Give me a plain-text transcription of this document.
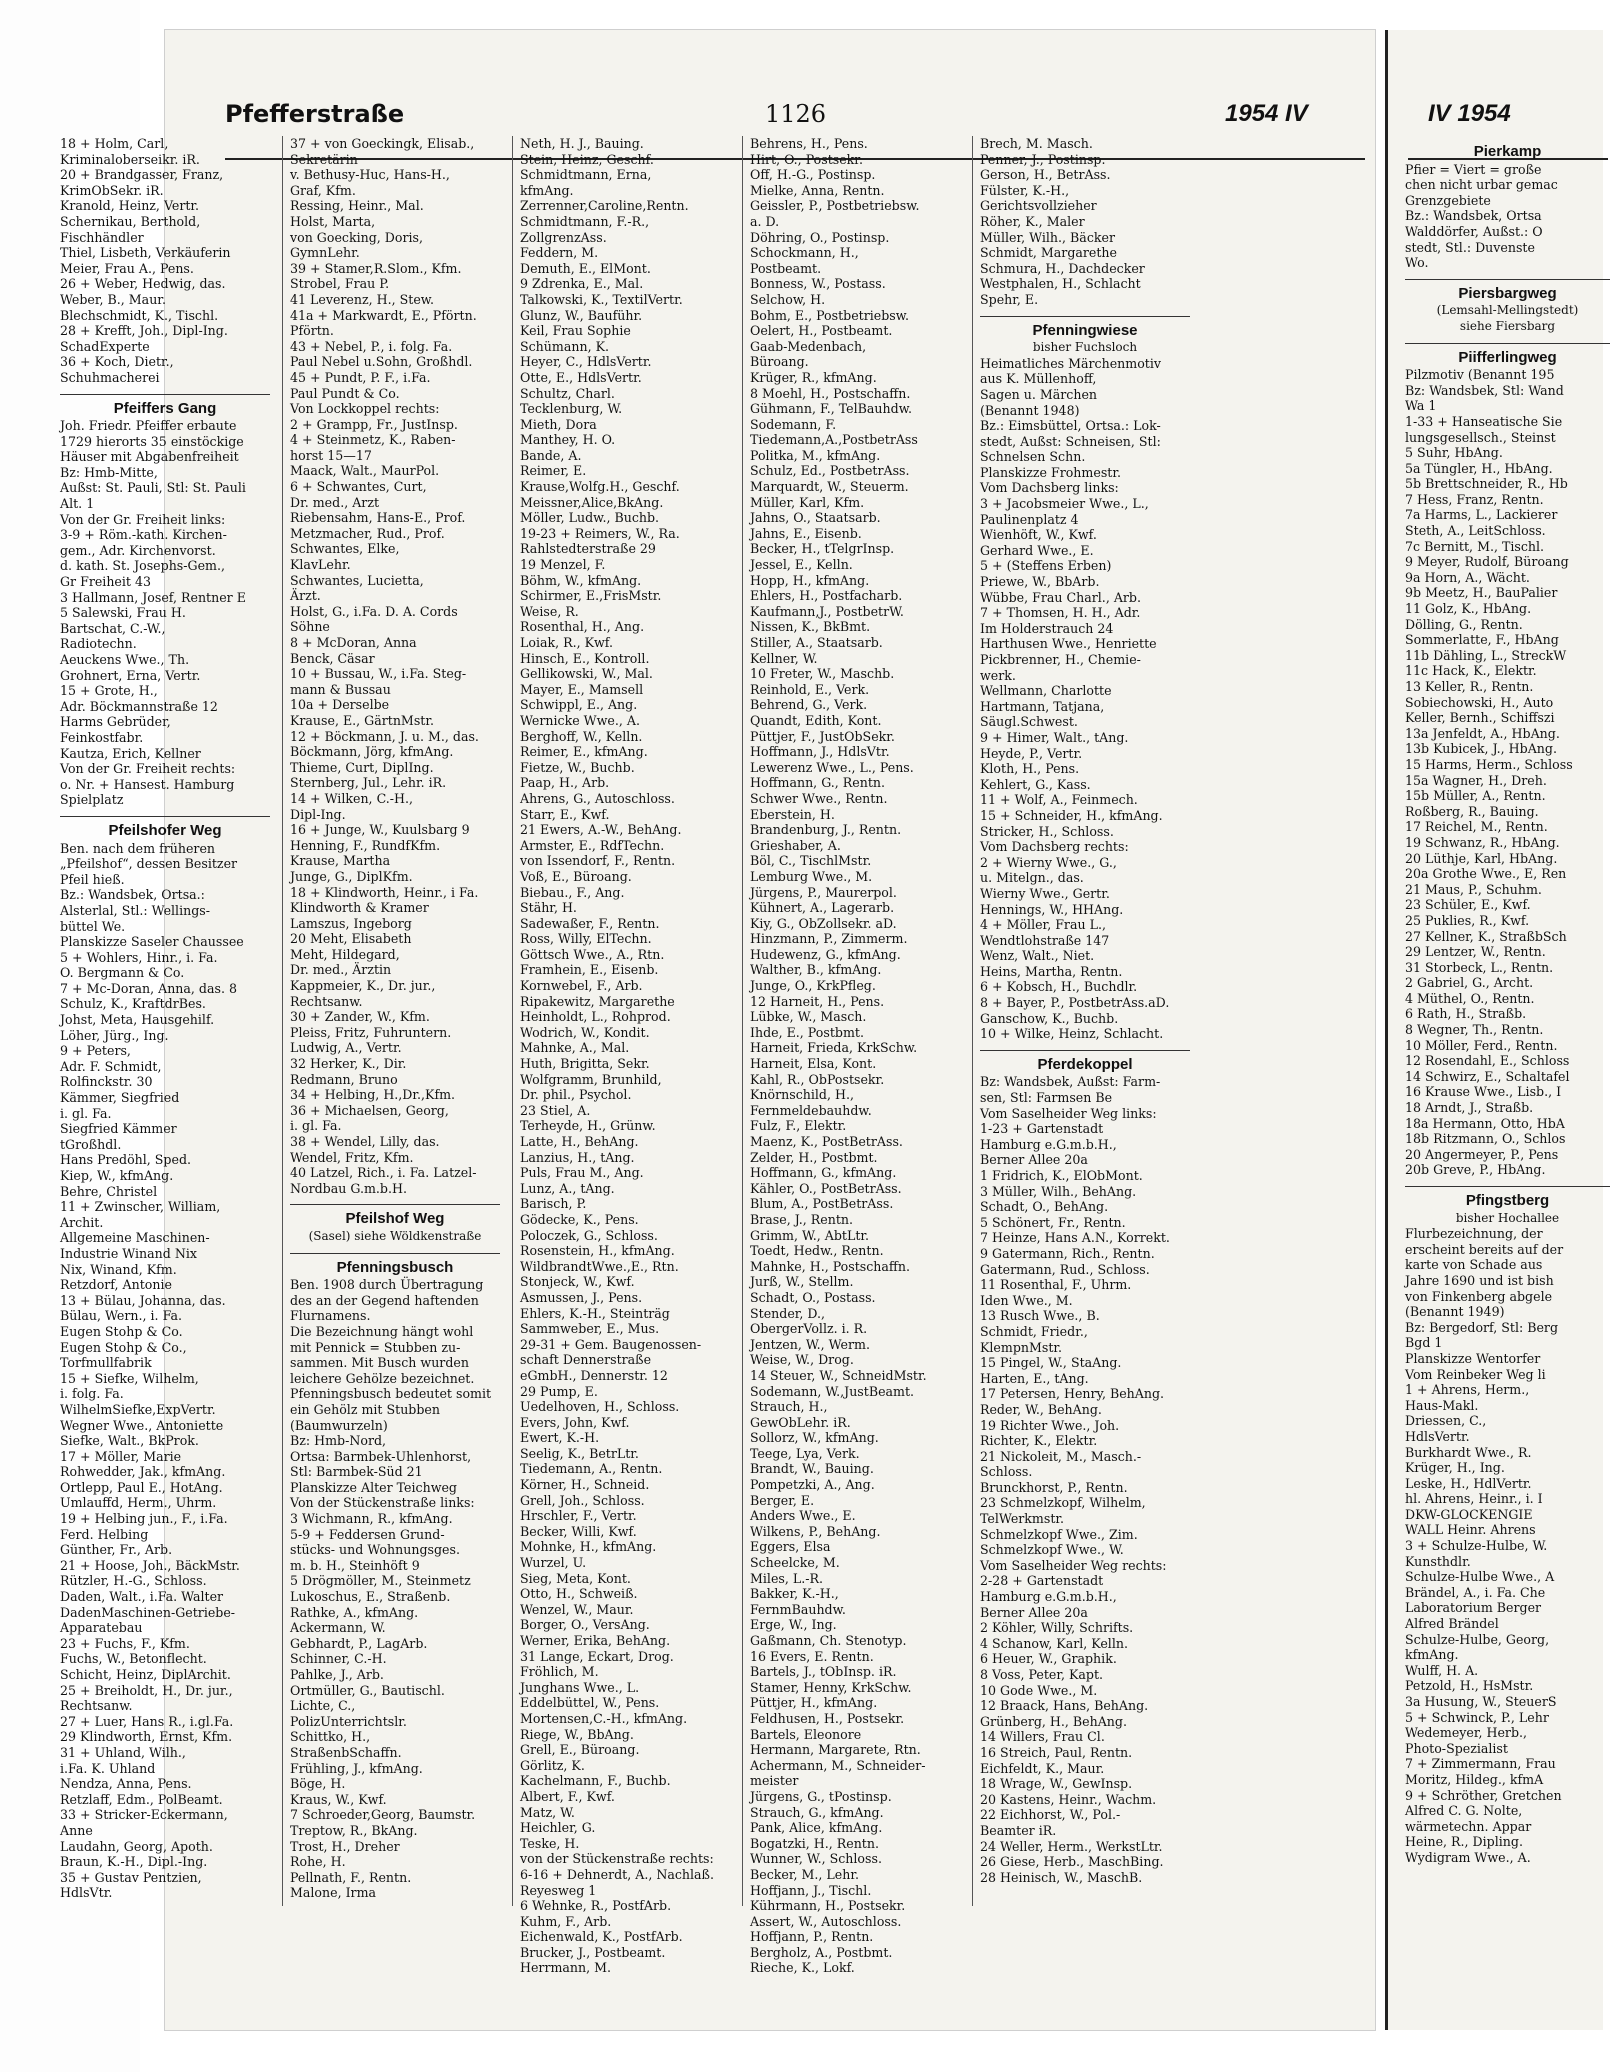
Pfefferstraße	1126	1954 IV	IV 1954
18 + Holm, Carl,
Kriminaloberseikr. iR.
20 + Brandgasser, Franz,
KrimObSekr. iR.
Kranold, Heinz, Vertr.
Schernikau, Berthold,
Fischhändler
Thiel, Lisbeth, Verkäuferin
Meier, Frau A., Pens.
26 + Weber, Hedwig, das.
Weber, B., Maur.
Blechschmidt, K., Tischl.
28 + Krefft, Joh., Dipl-Ing.
SchadExperte
36 + Koch, Dietr.,
Schuhmacherei
Pfeiffers Gang
Joh. Friedr. Pfeiffer erbaute
1729 hierorts 35 einstöckige
Häuser mit Abgabenfreiheit
Bz: Hmb-Mitte,
Außst: St. Pauli, Stl: St. Pauli
Alt. 1
Von der Gr. Freiheit links:
3-9 + Röm.-kath. Kirchen-
gem., Adr. Kirchenvorst.
d. kath. St. Josephs-Gem.,
Gr Freiheit 43
3 Hallmann, Josef, Rentner E
5 Salewski, Frau H.
Bartschat, C.-W.,
Radiotechn.
Aeuckens Wwe., Th.
Grohnert, Erna, Vertr.
15 + Grote, H.,
Adr. Böckmannstraße 12
Harms Gebrüder,
Feinkostfabr.
Kautza, Erich, Kellner
Von der Gr. Freiheit rechts:
o. Nr. + Hansest. Hamburg
Spielplatz
Pfeilshofer Weg
Ben. nach dem früheren
„Pfeilshof“, dessen Besitzer
Pfeil hieß.
Bz.: Wandsbek, Ortsa.:
Alsterlal, Stl.: Wellings-
büttel We.
Planskizze Saseler Chaussee
5 + Wohlers, Hinr., i. Fa.
O. Bergmann & Co.
7 + Mc-Doran, Anna, das. 8
Schulz, K., KraftdrBes.
Johst, Meta, Hausgehilf.
Löher, Jürg., Ing.
9 + Peters,
Adr. F. Schmidt,
Rolfinckstr. 30
Kämmer, Siegfried
i. gl. Fa.
Siegfried Kämmer
tGroßhdl.
Hans Predöhl, Sped.
Kiep, W., kfmAng.
Behre, Christel
11 + Zwinscher, William,
Archit.
Allgemeine Maschinen-
Industrie Winand Nix
Nix, Winand, Kfm.
Retzdorf, Antonie
13 + Bülau, Johanna, das.
Bülau, Wern., i. Fa.
Eugen Stohp & Co.
Eugen Stohp & Co.,
Torfmullfabrik
15 + Siefke, Wilhelm,
i. folg. Fa.
WilhelmSiefke,ExpVertr.
Wegner Wwe., Antoniette
Siefke, Walt., BkProk.
17 + Möller, Marie
Rohwedder, Jak., kfmAng.
Ortlepp, Paul E., HotAng.
Umlauffd, Herm., Uhrm.
19 + Helbing jun., F., i.Fa.
Ferd. Helbing
Günther, Fr., Arb.
21 + Hoose, Joh., BäckMstr.
Rützler, H.-G., Schloss.
Daden, Walt., i.Fa. Walter
DadenMaschinen-Getriebe-
Apparatebau
23 + Fuchs, F., Kfm.
Fuchs, W., Betonflecht.
Schicht, Heinz, DiplArchit.
25 + Breiholdt, H., Dr. jur.,
Rechtsanw.
27 + Luer, Hans R., i.gl.Fa.
29 Klindworth, Ernst, Kfm.
31 + Uhland, Wilh.,
i.Fa. K. Uhland
Nendza, Anna, Pens.
Retzlaff, Edm., PolBeamt.
33 + Stricker-Eckermann,
Anne
Laudahn, Georg, Apoth.
Braun, K.-H., Dipl.-Ing.
35 + Gustav Pentzien,
HdlsVtr.
37 + von Goeckingk, Elisab.,
Sekretärin
v. Bethusy-Huc, Hans-H.,
Graf, Kfm.
Ressing, Heinr., Mal.
Holst, Marta,
von Goecking, Doris,
GymnLehr.
39 + Stamer,R.Slom., Kfm.
Strobel, Frau P.
41 Leverenz, H., Stew.
41a + Markwardt, E., Pförtn.
Pförtn.
43 + Nebel, P., i. folg. Fa.
Paul Nebel u.Sohn, Großhdl.
45 + Pundt, P. F., i.Fa.
Paul Pundt & Co.
Von Lockkoppel rechts:
2 + Grampp, Fr., JustInsp.
4 + Steinmetz, K., Raben-
horst 15—17
Maack, Walt., MaurPol.
6 + Schwantes, Curt,
Dr. med., Arzt
Riebensahm, Hans-E., Prof.
Metzmacher, Rud., Prof.
Schwantes, Elke,
KlavLehr.
Schwantes, Lucietta,
Ärzt.
Holst, G., i.Fa. D. A. Cords
Söhne
8 + McDoran, Anna
Benck, Cäsar
10 + Bussau, W., i.Fa. Steg-
mann & Bussau
10a + Derselbe
Krause, E., GärtnMstr.
12 + Böckmann, J. u. M., das.
Böckmann, Jörg, kfmAng.
Thieme, Curt, DiplIng.
Sternberg, Jul., Lehr. iR.
14 + Wilken, C.-H.,
Dipl-Ing.
16 + Junge, W., Kuulsbarg 9
Henning, F., RundfKfm.
Krause, Martha
Junge, G., DiplKfm.
18 + Klindworth, Heinr., i Fa.
Klindworth & Kramer
Lamszus, Ingeborg
20 Meht, Elisabeth
Meht, Hildegard,
Dr. med., Ärztin
Kappmeier, K., Dr. jur.,
Rechtsanw.
30 + Zander, W., Kfm.
Pleiss, Fritz, Fuhruntern.
Ludwig, A., Vertr.
32 Herker, K., Dir.
Redmann, Bruno
34 + Helbing, H.,Dr.,Kfm.
36 + Michaelsen, Georg,
i. gl. Fa.
38 + Wendel, Lilly, das.
Wendel, Fritz, Kfm.
40 Latzel, Rich., i. Fa. Latzel-
Nordbau G.m.b.H.
Pfeilshof Weg
(Sasel) siehe Wöldkenstraße
Pfenningsbusch
Ben. 1908 durch Übertragung
des an der Gegend haftenden
Flurnamens.
Die Bezeichnung hängt wohl
mit Pennick = Stubben zu-
sammen. Mit Busch wurden
leichere Gehölze bezeichnet.
Pfenningsbusch bedeutet somit
ein Gehölz mit Stubben
(Baumwurzeln)
Bz: Hmb-Nord,
Ortsa: Barmbek-Uhlenhorst,
Stl: Barmbek-Süd 21
Planskizze Alter Teichweg
Von der Stückenstraße links:
3 Wichmann, R., kfmAng.
5-9 + Feddersen Grund-
stücks- und Wohnungsges.
m. b. H., Steinhöft 9
5 Drögmöller, M., Steinmetz
Lukoschus, E., Straßenb.
Rathke, A., kfmAng.
Ackermann, W.
Gebhardt, P., LagArb.
Schinner, C.-H.
Pahlke, J., Arb.
Ortmüller, G., Bautischl.
Lichte, C.,
PolizUnterrichtslr.
Schittko, H.,
StraßenbSchaffn.
Frühling, J., kfmAng.
Böge, H.
Kraus, W., Kwf.
7 Schroeder,Georg, Baumstr.
Treptow, R., BkAng.
Trost, H., Dreher
Rohe, H.
Pellnath, F., Rentn.
Malone, Irma
Neth, H. J., Bauing.
Stein, Heinz, Geschf.
Schmidtmann, Erna,
kfmAng.
Zerrenner,Caroline,Rentn.
Schmidtmann, F.-R.,
ZollgrenzAss.
Feddern, M.
Demuth, E., ElMont.
9 Zdrenka, E., Mal.
Talkowski, K., TextilVertr.
Glunz, W., Bauführ.
Keil, Frau Sophie
Schümann, K.
Heyer, C., HdlsVertr.
Otte, E., HdlsVertr.
Schultz, Charl.
Tecklenburg, W.
Mieth, Dora
Manthey, H. O.
Bande, A.
Reimer, E.
Krause,Wolfg.H., Geschf.
Meissner,Alice,BkAng.
Möller, Ludw., Buchb.
19-23 + Reimers, W., Ra.
Rahlstedterstraße 29
19 Menzel, F.
Böhm, W., kfmAng.
Schirmer, E.,FrisMstr.
Weise, R.
Rosenthal, H., Ang.
Loiak, R., Kwf.
Hinsch, E., Kontroll.
Gellikowski, W., Mal.
Mayer, E., Mamsell
Schwippl, E., Ang.
Wernicke Wwe., A.
Berghoff, W., Kelln.
Reimer, E., kfmAng.
Fietze, W., Buchb.
Paap, H., Arb.
Ahrens, G., Autoschloss.
Starr, E., Kwf.
21 Ewers, A.-W., BehAng.
Armster, E., RdfTechn.
von Issendorf, F., Rentn.
Voß, E., Büroang.
Biebau., F., Ang.
Stähr, H.
Sadewaßer, F., Rentn.
Ross, Willy, ElTechn.
Göttsch Wwe., A., Rtn.
Framhein, E., Eisenb.
Kornwebel, F., Arb.
Ripakewitz, Margarethe
Heinholdt, L., Rohprod.
Wodrich, W., Kondit.
Mahnke, A., Mal.
Huth, Brigitta, Sekr.
Wolfgramm, Brunhild,
Dr. phil., Psychol.
23 Stiel, A.
Terheyde, H., Grünw.
Latte, H., BehAng.
Lanzius, H., tAng.
Puls, Frau M., Ang.
Lunz, A., tAng.
Barisch, P.
Gödecke, K., Pens.
Poloczek, G., Schloss.
Rosenstein, H., kfmAng.
WildbrandtWwe.,E., Rtn.
Stonjeck, W., Kwf.
Asmussen, J., Pens.
Ehlers, K.-H., Steinträg
Sammweber, E., Mus.
29-31 + Gem. Baugenossen-
schaft Dennerstraße
eGmbH., Dennerstr. 12
29 Pump, E.
Uedelhoven, H., Schloss.
Evers, John, Kwf.
Ewert, K.-H.
Seelig, K., BetrLtr.
Tiedemann, A., Rentn.
Körner, H., Schneid.
Grell, Joh., Schloss.
Hrschler, F., Vertr.
Becker, Willi, Kwf.
Mohnke, H., kfmAng.
Wurzel, U.
Sieg, Meta, Kont.
Otto, H., Schweiß.
Wenzel, W., Maur.
Borger, O., VersAng.
Werner, Erika, BehAng.
31 Lange, Eckart, Drog.
Fröhlich, M.
Junghans Wwe., L.
Eddelbüttel, W., Pens.
Mortensen,C.-H., kfmAng.
Riege, W., BbAng.
Grell, E., Büroang.
Görlitz, K.
Kachelmann, F., Buchb.
Albert, F., Kwf.
Matz, W.
Heichler, G.
Teske, H.
von der Stückenstraße rechts:
6-16 + Dehnerdt, A., Nachlaß.
Reyesweg 1
6 Wehnke, R., PostfArb.
Kuhm, F., Arb.
Eichenwald, K., PostfArb.
Brucker, J., Postbeamt.
Herrmann, M.
Behrens, H., Pens.
Hirt, O., Postsekr.
Off, H.-G., Postinsp.
Mielke, Anna, Rentn.
Geissler, P., Postbetriebsw.
a. D.
Döhring, O., Postinsp.
Schockmann, H.,
Postbeamt.
Bonness, W., Postass.
Selchow, H.
Bohm, E., Postbetriebsw.
Oelert, H., Postbeamt.
Gaab-Medenbach,
Büroang.
Krüger, R., kfmAng.
8 Moehl, H., Postschaffn.
Gühmann, F., TelBauhdw.
Sodemann, F.
Tiedemann,A.,PostbetrAss
Politka, M., kfmAng.
Schulz, Ed., PostbetrAss.
Marquardt, W., Steuerm.
Müller, Karl, Kfm.
Jahns, O., Staatsarb.
Jahns, E., Eisenb.
Becker, H., tTelgrInsp.
Jessel, E., Kelln.
Hopp, H., kfmAng.
Ehlers, H., Postfacharb.
Kaufmann,J., PostbetrW.
Nissen, K., BkBmt.
Stiller, A., Staatsarb.
Kellner, W.
10 Freter, W., Maschb.
Reinhold, E., Verk.
Behrend, G., Verk.
Quandt, Edith, Kont.
Püttjer, F., JustObSekr.
Hoffmann, J., HdlsVtr.
Lewerenz Wwe., L., Pens.
Hoffmann, G., Rentn.
Schwer Wwe., Rentn.
Eberstein, H.
Brandenburg, J., Rentn.
Grieshaber, A.
Böl, C., TischlMstr.
Lemburg Wwe., M.
Jürgens, P., Maurerpol.
Kühnert, A., Lagerarb.
Kiy, G., ObZollsekr. aD.
Hinzmann, P., Zimmerm.
Hudewenz, G., kfmAng.
Walther, B., kfmAng.
Junge, O., KrkPfleg.
12 Harneit, H., Pens.
Lübke, W., Masch.
Ihde, E., Postbmt.
Harneit, Frieda, KrkSchw.
Harneit, Elsa, Kont.
Kahl, R., ObPostsekr.
Knörnschild, H.,
Fernmeldebauhdw.
Fulz, F., Elektr.
Maenz, K., PostBetrAss.
Zelder, H., Postbmt.
Hoffmann, G., kfmAng.
Kähler, O., PostBetrAss.
Blum, A., PostBetrAss.
Brase, J., Rentn.
Grimm, W., AbtLtr.
Toedt, Hedw., Rentn.
Mahnke, H., Postschaffn.
Jurß, W., Stellm.
Schadt, O., Postass.
Stender, D.,
ObergerVollz. i. R.
Jentzen, W., Werm.
Weise, W., Drog.
14 Steuer, W., SchneidMstr.
Sodemann, W.,JustBeamt.
Strauch, H.,
GewObLehr. iR.
Sollorz, W., kfmAng.
Teege, Lya, Verk.
Brandt, W., Bauing.
Pompetzki, A., Ang.
Berger, E.
Anders Wwe., E.
Wilkens, P., BehAng.
Eggers, Elsa
Scheelcke, M.
Miles, L.-R.
Bakker, K.-H.,
FernmBauhdw.
Erge, W., Ing.
Gaßmann, Ch. Stenotyp.
16 Evers, E. Rentn.
Bartels, J., tObInsp. iR.
Stamer, Henny, KrkSchw.
Püttjer, H., kfmAng.
Feldhusen, H., Postsekr.
Bartels, Eleonore
Hermann, Margarete, Rtn.
Achermann, M., Schneider-
meister
Jürgens, G., tPostinsp.
Strauch, G., kfmAng.
Pank, Alice, kfmAng.
Bogatzki, H., Rentn.
Wunner, W., Schloss.
Becker, M., Lehr.
Hoffjann, J., Tischl.
Kührmann, H., Postsekr.
Assert, W., Autoschloss.
Hoffjann, P., Rentn.
Bergholz, A., Postbmt.
Rieche, K., Lokf.
Brech, M. Masch.
Penner, J., Postinsp.
Gerson, H., BetrAss.
Fülster, K.-H.,
Gerichtsvollzieher
Röher, K., Maler
Müller, Wilh., Bäcker
Schmidt, Margarethe
Schmura, H., Dachdecker
Westphalen, H., Schlacht
Spehr, E.
Pfenningwiese
bisher Fuchsloch
Heimatliches Märchenmotiv
aus K. Müllenhoff,
Sagen u. Märchen
(Benannt 1948)
Bz.: Eimsbüttel, Ortsa.: Lok-
stedt, Außst: Schneisen, Stl:
Schnelsen Schn.
Planskizze Frohmestr.
Vom Dachsberg links:
3 + Jacobsmeier Wwe., L.,
Paulinenplatz 4
Wienhöft, W., Kwf.
Gerhard Wwe., E.
5 + (Steffens Erben)
Priewe, W., BbArb.
Wübbe, Frau Charl., Arb.
7 + Thomsen, H. H., Adr.
Im Holderstrauch 24
Harthusen Wwe., Henriette
Pickbrenner, H., Chemie-
werk.
Wellmann, Charlotte
Hartmann, Tatjana,
Säugl.Schwest.
9 + Himer, Walt., tAng.
Heyde, P., Vertr.
Kloth, H., Pens.
Kehlert, G., Kass.
11 + Wolf, A., Feinmech.
15 + Schneider, H., kfmAng.
Stricker, H., Schloss.
Vom Dachsberg rechts:
2 + Wierny Wwe., G.,
u. Mitelgn., das.
Wierny Wwe., Gertr.
Hennings, W., HHAng.
4 + Möller, Frau L.,
Wendtlohstraße 147
Wenz, Walt., Niet.
Heins, Martha, Rentn.
6 + Kobsch, H., Buchdlr.
8 + Bayer, P., PostbetrAss.aD.
Ganschow, K., Buchb.
10 + Wilke, Heinz, Schlacht.
Pferdekoppel
Bz: Wandsbek, Außst: Farm-
sen, Stl: Farmsen Be
Vom Saselheider Weg links:
1-23 + Gartenstadt
Hamburg e.G.m.b.H.,
Berner Allee 20a
1 Fridrich, K., ElObMont.
3 Müller, Wilh., BehAng.
Schadt, O., BehAng.
5 Schönert, Fr., Rentn.
7 Heinze, Hans A.N., Korrekt.
9 Gatermann, Rich., Rentn.
Gatermann, Rud., Schloss.
11 Rosenthal, F., Uhrm.
Iden Wwe., M.
13 Rusch Wwe., B.
Schmidt, Friedr.,
KlempnMstr.
15 Pingel, W., StaAng.
Harten, E., tAng.
17 Petersen, Henry, BehAng.
Reder, W., BehAng.
19 Richter Wwe., Joh.
Richter, K., Elektr.
21 Nickoleit, M., Masch.-
Schloss.
Brunckhorst, P., Rentn.
23 Schmelzkopf, Wilhelm,
TelWerkmstr.
Schmelzkopf Wwe., Zim.
Schmelzkopf Wwe., W.
Vom Saselheider Weg rechts:
2-28 + Gartenstadt
Hamburg e.G.m.b.H.,
Berner Allee 20a
2 Köhler, Willy, Schrifts.
4 Schanow, Karl, Kelln.
6 Heuer, W., Graphik.
8 Voss, Peter, Kapt.
10 Gode Wwe., M.
12 Braack, Hans, BehAng.
Grünberg, H., BehAng.
14 Willers, Frau Cl.
16 Streich, Paul, Rentn.
Eichfeldt, K., Maur.
18 Wrage, W., GewInsp.
20 Kastens, Heinr., Wachm.
22 Eichhorst, W., Pol.-
Beamter iR.
24 Weller, Herm., WerkstLtr.
26 Giese, Herb., MaschBing.
28 Heinisch, W., MaschB.
Pierkamp
Pfier = Viert = große
chen nicht urbar gemac
Grenzgebiete
Bz.: Wandsbek, Ortsa
Walddörfer, Außst.: O
stedt, Stl.: Duvenste
Wo.
Piersbargweg
(Lemsahl-Mellingstedt)
siehe Fiersbarg
Piifferlingweg
Pilzmotiv (Benannt 195
Bz: Wandsbek, Stl: Wand
Wa 1
1-33 + Hanseatische Sie
lungsgesellsch., Steinst
5 Suhr, HbAng.
5a Tüngler, H., HbAng.
5b Brettschneider, R., Hb
7 Hess, Franz, Rentn.
7a Harms, L., Lackierer
Steth, A., LeitSchloss.
7c Bernitt, M., Tischl.
9 Meyer, Rudolf, Büroang
9a Horn, A., Wächt.
9b Meetz, H., BauPalier
11 Golz, K., HbAng.
Dölling, G., Rentn.
Sommerlatte, F., HbAng
11b Dähling, L., StreckW
11c Hack, K., Elektr.
13 Keller, R., Rentn.
Sobiechowski, H., Auto
Keller, Bernh., Schiffszi
13a Jenfeldt, A., HbAng.
13b Kubicek, J., HbAng.
15 Harms, Herm., Schloss
15a Wagner, H., Dreh.
15b Müller, A., Rentn.
Roßberg, R., Bauing.
17 Reichel, M., Rentn.
19 Schwanz, R., HbAng.
20 Lüthje, Karl, HbAng.
20a Grothe Wwe., E, Ren
21 Maus, P., Schuhm.
23 Schüler, E., Kwf.
25 Puklies, R., Kwf.
27 Kellner, K., StraßbSch
29 Lentzer, W., Rentn.
31 Storbeck, L., Rentn.
2 Gabriel, G., Archt.
4 Müthel, O., Rentn.
6 Rath, H., Straßb.
8 Wegner, Th., Rentn.
10 Möller, Ferd., Rentn.
12 Rosendahl, E., Schloss
14 Schwirz, E., Schaltafel
16 Krause Wwe., Lisb., I
18 Arndt, J., Straßb.
18a Hermann, Otto, HbA
18b Ritzmann, O., Schlos
20 Angermeyer, P., Pens
20b Greve, P., HbAng.
Pfingstberg
bisher Hochallee
Flurbezeichnung, der
erscheint bereits auf der
karte von Schade aus
Jahre 1690 und ist bish
von Finkenberg abgele
(Benannt 1949)
Bz: Bergedorf, Stl: Berg
Bgd 1
Planskizze Wentorfer
Vom Reinbeker Weg li
1 + Ahrens, Herm.,
Haus-Makl.
Driessen, C.,
HdlsVertr.
Burkhardt Wwe., R.
Krüger, H., Ing.
Leske, H., HdlVertr.
hl. Ahrens, Heinr., i. I
DKW-GLOCKENGIE
WALL Heinr. Ahrens
3 + Schulze-Hulbe, W.
Kunsthdlr.
Schulze-Hulbe Wwe., A
Brändel, A., i. Fa. Che
Laboratorium Berger
Alfred Brändel
Schulze-Hulbe, Georg,
kfmAng.
Wulff, H. A.
Petzold, H., HsMstr.
3a Husung, W., SteuerS
5 + Schwinck, P., Lehr
Wedemeyer, Herb.,
Photo-Spezialist
7 + Zimmermann, Frau
Moritz, Hildeg., kfmA
9 + Schröther, Gretchen
Alfred C. G. Nolte,
wärmetechn. Appar
Heine, R., Dipling.
Wydigram Wwe., A.
